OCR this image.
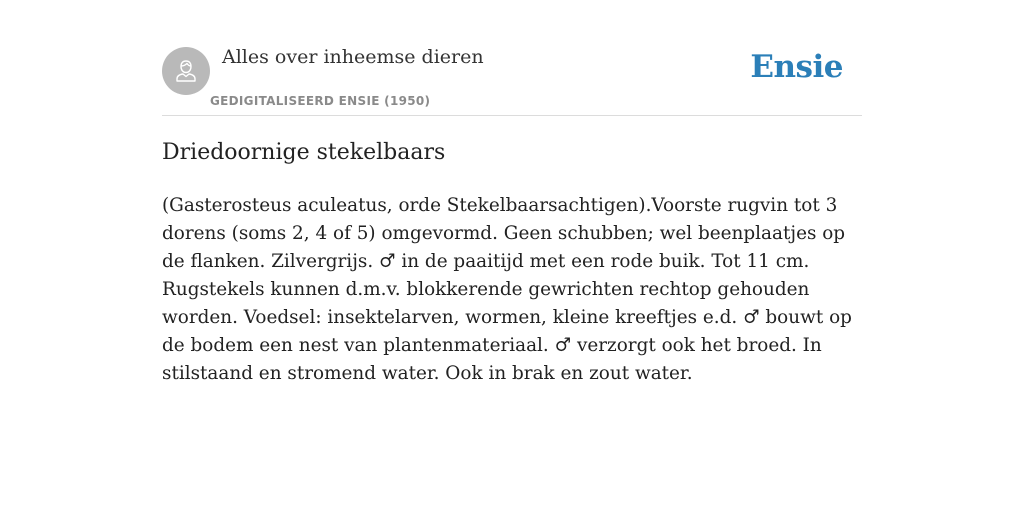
Alles over inheemse dieren
GEDIGITALISEERD ENSIE (1950)
Ensie
Driedoornige stekelbaars

(Gasterosteus aculeatus, orde Stekelbaarsachtigen).Voorste rugvin tot 3 dorens (soms 2, 4 of 5) omgevormd. Geen schubben; wel beenplaatjes op de flanken. Zilvergrijs. ♂ in de paaitijd met een rode buik. Tot 11 cm. Rugstekels kunnen d.m.v. blokkerende gewrichten rechtop gehouden worden. Voedsel: insektelarven, wormen, kleine kreeftjes e.d. ♂ bouwt op de bodem een nest van plantenmateriaal. ♂ verzorgt ook het broed. In stilstaand en stromend water. Ook in brak en zout water.
